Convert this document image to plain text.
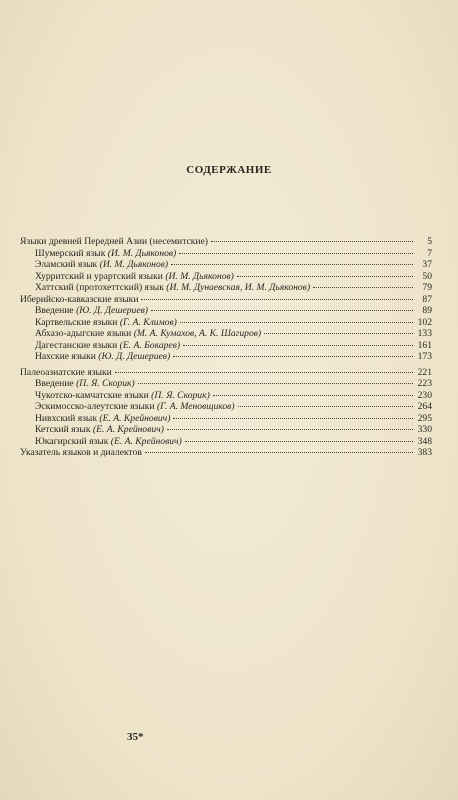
СОДЕРЖАНИЕ
Языки древней Передней Азии (несемитские)	5
Шумерский язык (И. М. Дьяконов)	7
Эламский язык (И. М. Дьяконов)	37
Хурритский и урартский языки (И. М. Дьяконов)	50
Хаттский (протохеттский) язык (И. М. Дунаевская, И. М. Дьяконов)	79
Иберийско-кавказские языки	87
Введение (Ю. Д. Дешериев)	89
Картвельские языки (Г. А. Климов)	102
Абхазо-адыгские языки (М. А. Кумахов, А. К. Шагиров)	133
Дагестанские языки (Е. А. Бокарев)	161
Нахские языки (Ю. Д. Дешериев)	173
Палеоазиатские языки	221
Введение (П. Я. Скорик)	223
Чукотско-камчатские языки (П. Я. Скорик)	230
Эскимосско-алеутские языки (Г. А. Меновщиков)	264
Нивхский язык (Е. А. Крейнович)	295
Кетский язык (Е. А. Крейнович)	330
Юкагирский язык (Е. А. Крейнович)	348
Указатель языков и диалектов	383
35*
